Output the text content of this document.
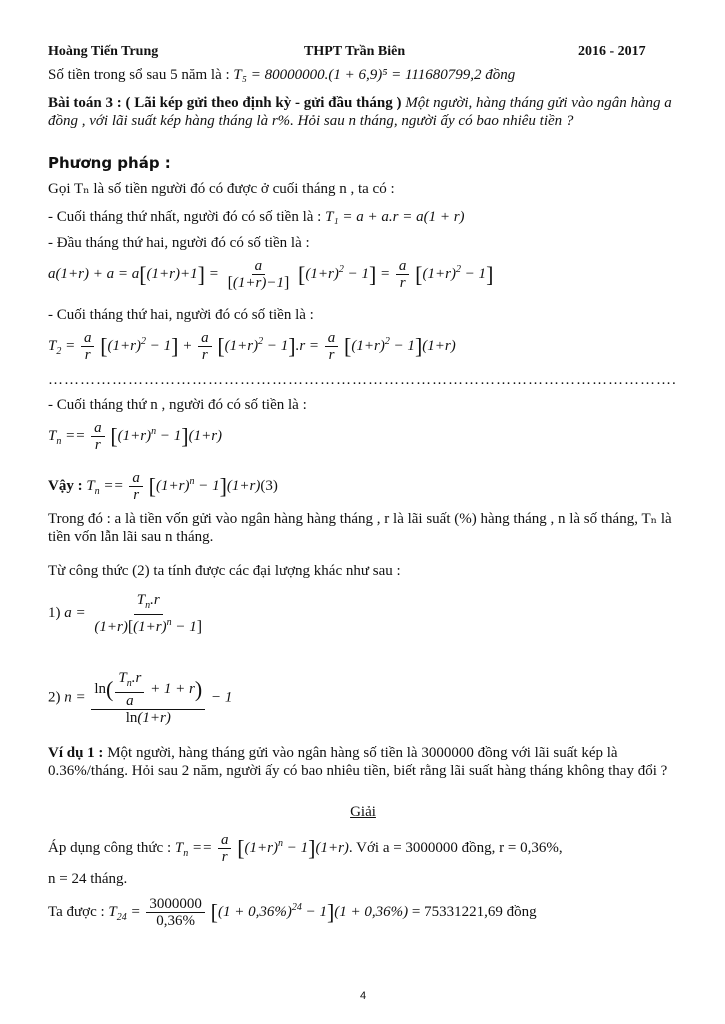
Hoàng Tiến Trung	THPT Trần Biên	2016 - 2017
Số tiền trong sổ sau 5 năm là : T₅ = 80000000.(1 + 6,9)⁵ = 111680799,2 đồng
Bài toán 3 : ( Lãi kép gửi theo định kỳ - gửi đầu tháng ) Một người, hàng tháng gửi vào ngân hàng a đồng , với lãi suất kép hàng tháng là r%. Hỏi sau n tháng, người ấy có bao nhiêu tiền ?
Phương pháp :
Gọi Tₙ là số tiền người đó có được ở cuối tháng n , ta có :
- Cuối tháng thứ nhất, người đó có số tiền là : T₁ = a + a.r = a(1 + r)
- Đầu tháng thứ hai, người đó có số tiền là :
$a(1+r) + a = a[(1+r)+1] = \frac{a}{[(1+r)-1]} [(1+r)^2 - 1] = \frac{a}{r} [(1+r)^2 - 1]$
- Cuối tháng thứ hai, người đó có số tiền là :
$T_2 = \frac{a}{r} [(1+r)^2 - 1] + \frac{a}{r} [(1+r)^2 - 1].r = \frac{a}{r} [(1+r)^2 - 1](1+r)$
……………………………………………………………………………………………………….
- Cuối tháng thứ n , người đó có số tiền là :
$T_n == \frac{a}{r} [(1+r)^n - 1](1+r)$
Vậy : $T_n == \frac{a}{r} [(1+r)^n - 1](1+r)(3)$
Trong đó : a là tiền vốn gửi vào ngân hàng hàng tháng , r là lãi suất (%) hàng tháng , n là số tháng, Tₙ là tiền vốn lẫn lãi sau n tháng.
Từ công thức (2) ta tính được các đại lượng khác như sau :
1) $a = \frac{T_n.r}{(1+r)[(1+r)^n - 1]}$
2) $n = \frac{\ln( \frac{T_n.r}{a} + 1 + r)}{\ln(1+r)} - 1$
Ví dụ 1 : Một người, hàng tháng gửi vào ngân hàng số tiền là 3000000 đồng với lãi suất kép là 0.36%/tháng. Hỏi sau 2 năm, người ấy có bao nhiêu tiền, biết rằng lãi suất hàng tháng không thay đổi ?
Giải
Áp dụng công thức : $T_n == \frac{a}{r} [(1+r)^n - 1](1+r)$. Với a = 3000000 đồng, r = 0,36%,
n = 24 tháng.
Ta được : $T_{24} = \frac{3000000}{0,36\%} [(1 + 0,36\%)^{24} - 1](1 + 0,36\%) = 75331221,69$ đồng
4
